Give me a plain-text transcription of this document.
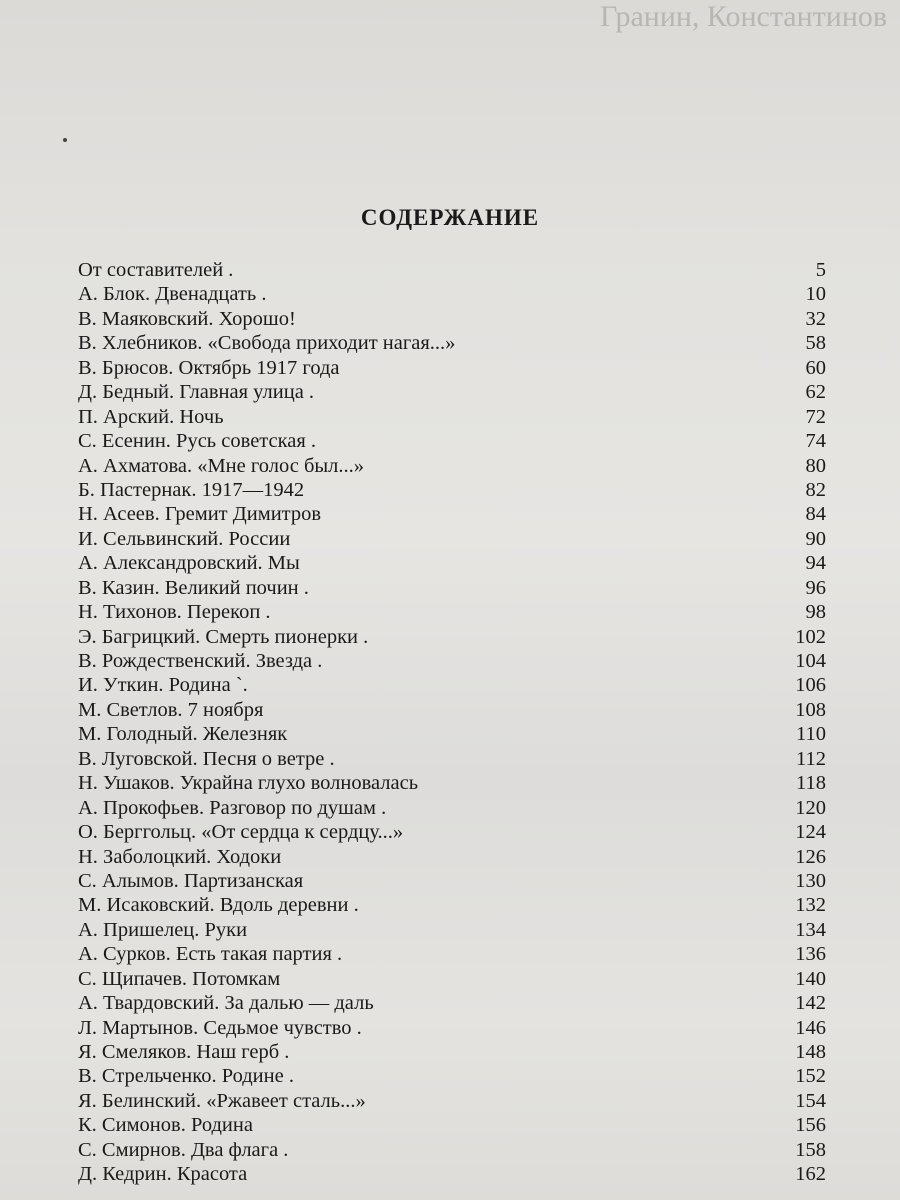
Гранин, Константинов
СОДЕРЖАНИЕ
От составителей .	5
А. Блок. Двенадцать .	10
В. Маяковский. Хорошо!	32
В. Хлебников. «Свобода приходит нагая...»	58
В. Брюсов. Октябрь 1917 года	60
Д. Бедный. Главная улица .	62
П. Арский. Ночь	72
С. Есенин. Русь советская .	74
А. Ахматова. «Мне голос был...»	80
Б. Пастернак. 1917—1942	82
Н. Асеев. Гремит Димитров	84
И. Сельвинский. России	90
А. Александровский. Мы	94
В. Казин. Великий почин .	96
Н. Тихонов. Перекоп .	98
Э. Багрицкий. Смерть пионерки .	102
В. Рождественский. Звезда .	104
И. Уткин. Родина `.	106
М. Светлов. 7 ноября	108
М. Голодный. Железняк	110
В. Луговской. Песня о ветре .	112
Н. Ушаков. Украйна глухо волновалась	118
А. Прокофьев. Разговор по душам .	120
О. Берггольц. «От сердца к сердцу...»	124
Н. Заболоцкий. Ходоки	126
С. Алымов. Партизанская	130
М. Исаковский. Вдоль деревни .	132
А. Пришелец. Руки	134
А. Сурков. Есть такая партия .	136
С. Щипачев. Потомкам	140
А. Твардовский. За далью — даль	142
Л. Мартынов. Седьмое чувство .	146
Я. Смеляков. Наш герб .	148
В. Стрельченко. Родине .	152
Я. Белинский. «Ржавеет сталь...»	154
К. Симонов. Родина	156
С. Смирнов. Два флага .	158
Д. Кедрин. Красота	162
